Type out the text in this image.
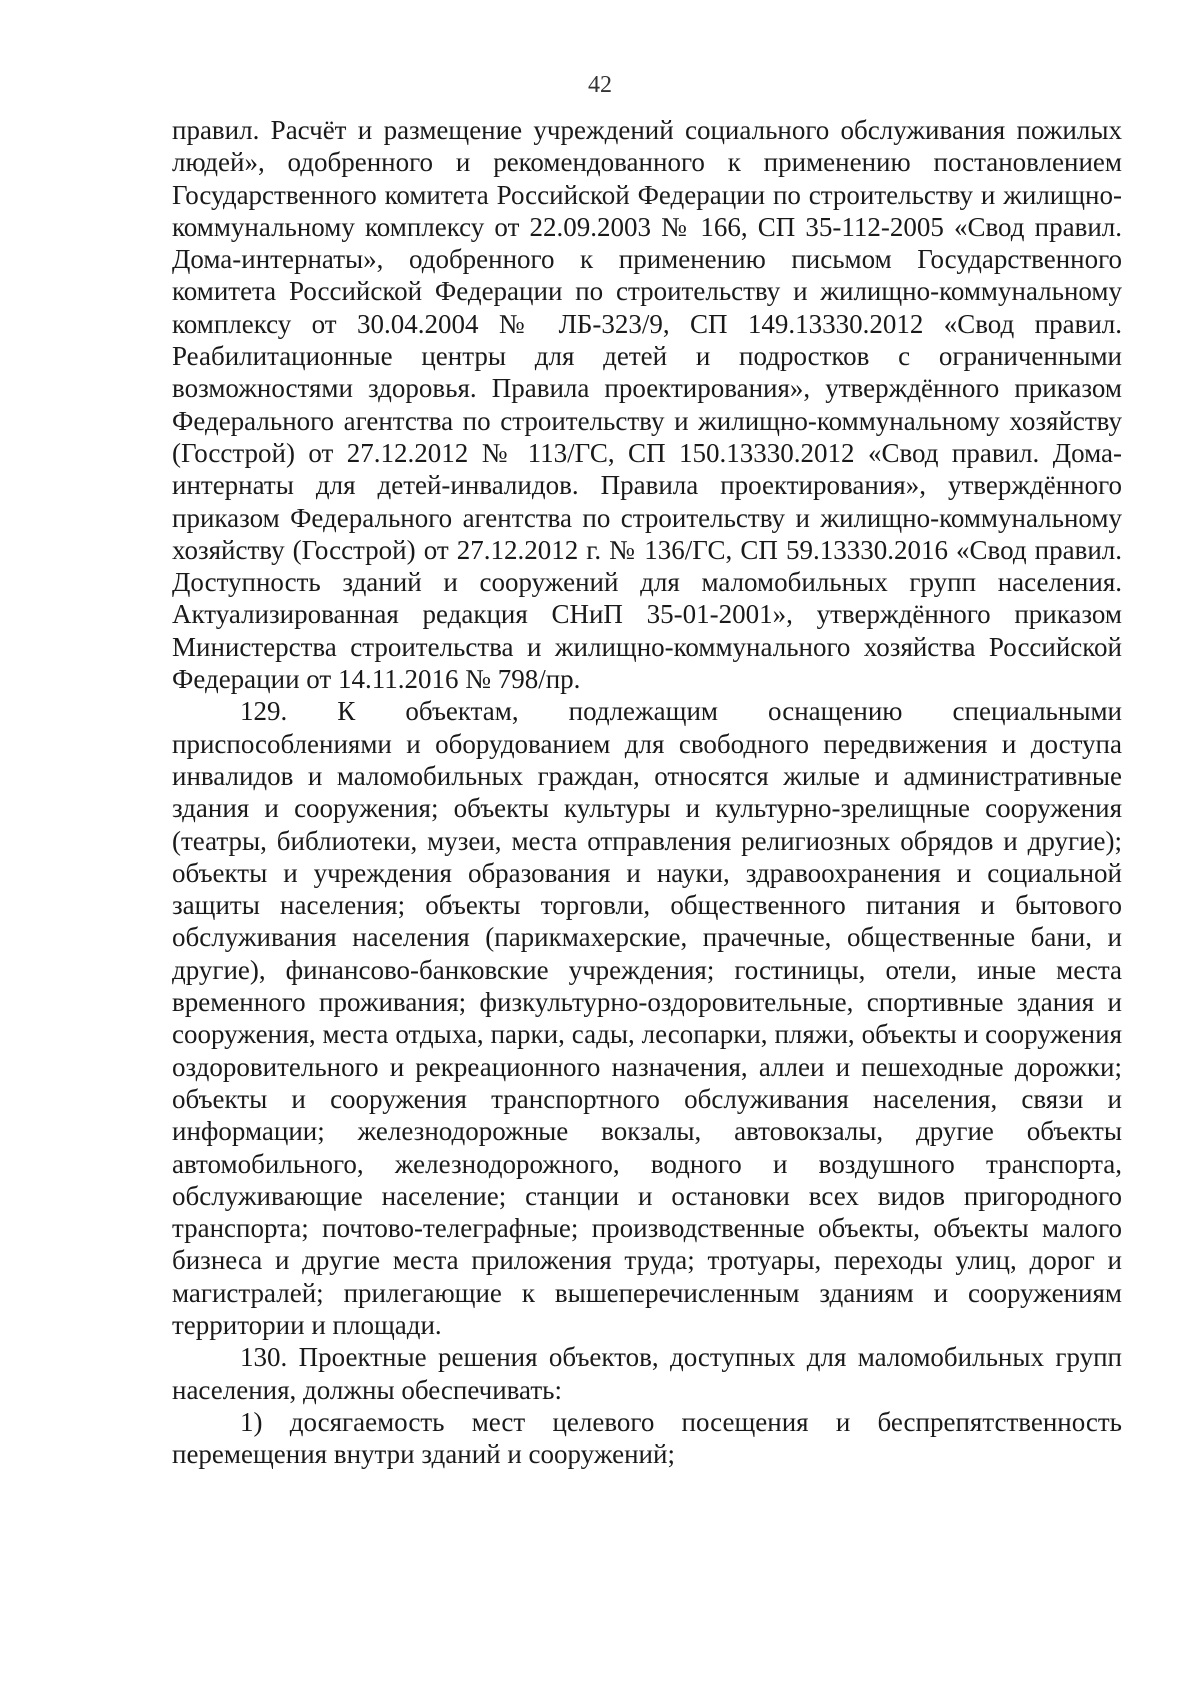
42

правил. Расчёт и размещение учреждений социального обслуживания пожилых людей», одобренного и рекомендованного к применению постановлением Государственного комитета Российской Федерации по строительству и жилищно-коммунальному комплексу от 22.09.2003 № 166, СП 35-112-2005 «Свод правил. Дома-интернаты», одобренного к применению письмом Государственного комитета Российской Федерации по строительству и жилищно-коммунальному комплексу от 30.04.2004 № ЛБ-323/9, СП 149.13330.2012 «Свод правил. Реабилитационные центры для детей и подростков с ограниченными возможностями здоровья. Правила проектирования», утверждённого приказом Федерального агентства по строительству и жилищно-коммунальному хозяйству (Госстрой) от 27.12.2012 № 113/ГС, СП 150.13330.2012 «Свод правил. Дома-интернаты для детей-инвалидов. Правила проектирования», утверждённого приказом Федерального агентства по строительству и жилищно-коммунальному хозяйству (Госстрой) от 27.12.2012 г. № 136/ГС, СП 59.13330.2016 «Свод правил. Доступность зданий и сооружений для маломобильных групп населения. Актуализированная редакция СНиП 35-01-2001», утверждённого приказом Министерства строительства и жилищно-коммунального хозяйства Российской Федерации от 14.11.2016 № 798/пр.

129. К объектам, подлежащим оснащению специальными приспособлениями и оборудованием для свободного передвижения и доступа инвалидов и маломобильных граждан, относятся жилые и административные здания и сооружения; объекты культуры и культурно-зрелищные сооружения (театры, библиотеки, музеи, места отправления религиозных обрядов и другие); объекты и учреждения образования и науки, здравоохранения и социальной защиты населения; объекты торговли, общественного питания и бытового обслуживания населения (парикмахерские, прачечные, общественные бани, и другие), финансово-банковские учреждения; гостиницы, отели, иные места временного проживания; физкультурно-оздоровительные, спортивные здания и сооружения, места отдыха, парки, сады, лесопарки, пляжи, объекты и сооружения оздоровительного и рекреационного назначения, аллеи и пешеходные дорожки; объекты и сооружения транспортного обслуживания населения, связи и информации; железнодорожные вокзалы, автовокзалы, другие объекты автомобильного, железнодорожного, водного и воздушного транспорта, обслуживающие население; станции и остановки всех видов пригородного транспорта; почтово-телеграфные; производственные объекты, объекты малого бизнеса и другие места приложения труда; тротуары, переходы улиц, дорог и магистралей; прилегающие к вышеперечисленным зданиям и сооружениям территории и площади.

130. Проектные решения объектов, доступных для маломобильных групп населения, должны обеспечивать:

1) досягаемость мест целевого посещения и беспрепятственность перемещения внутри зданий и сооружений;
